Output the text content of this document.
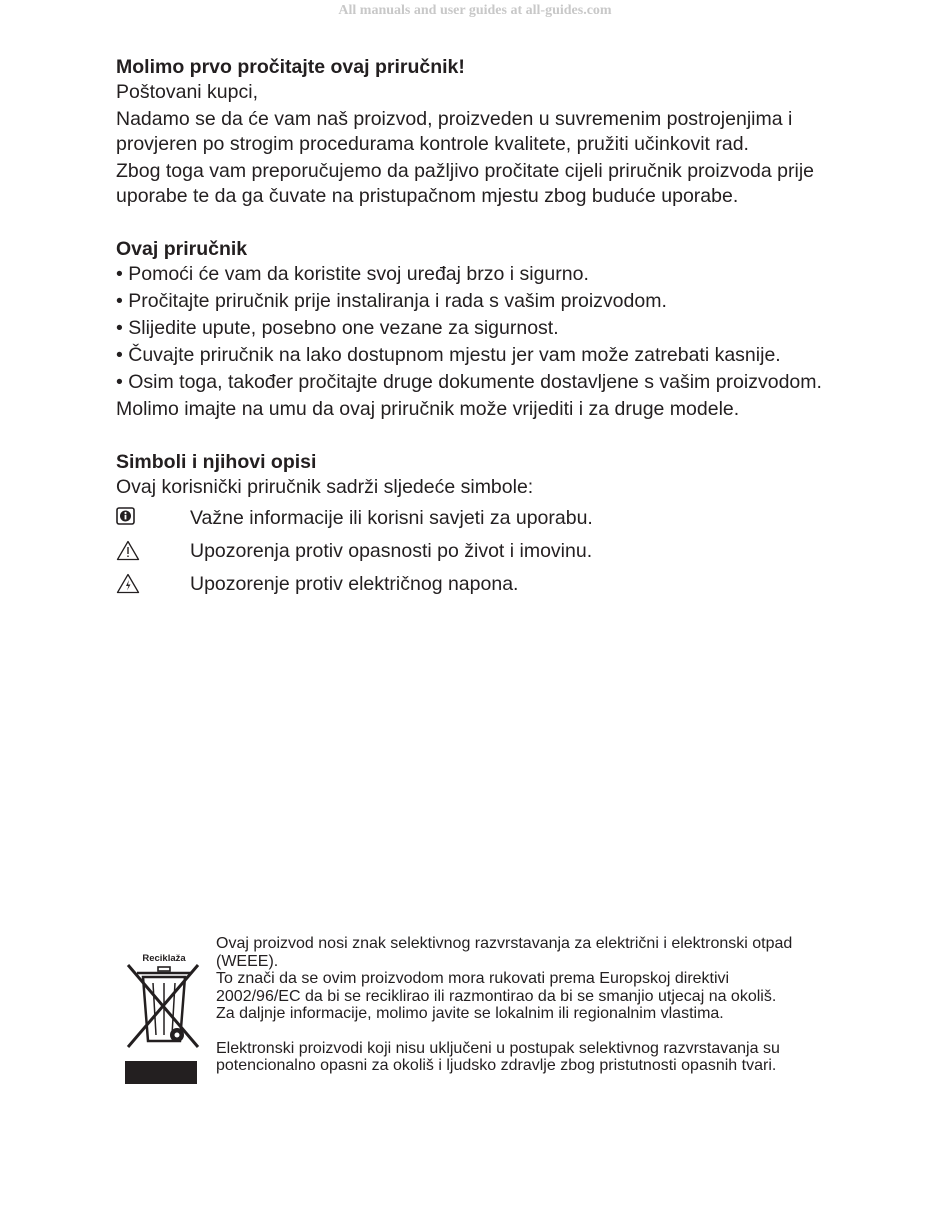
All manuals and user guides at all-guides.com

Molimo prvo pročitajte ovaj priručnik!

Poštovani kupci,

Nadamo se da će vam naš proizvod, proizveden u suvremenim postrojenjima i provjeren po strogim procedurama kontrole kvalitete, pružiti učinkovit rad.

Zbog toga vam preporučujemo da pažljivo pročitate cijeli priručnik proizvoda prije uporabe te da ga čuvate na pristupačnom mjestu zbog buduće uporabe.

Ovaj priručnik

• Pomoći će vam da koristite svoj uređaj brzo i sigurno.

• Pročitajte priručnik prije instaliranja i rada s vašim proizvodom.

• Slijedite upute, posebno one vezane za sigurnost.

• Čuvajte priručnik na lako dostupnom mjestu jer vam može zatrebati kasnije.

• Osim toga, također pročitajte druge dokumente dostavljene s vašim proizvodom.

Molimo imajte na umu da ovaj priručnik može vrijediti i za druge modele.

Simboli i njihovi opisi

Ovaj korisnički priručnik sadrži sljedeće simbole:

Važne informacije ili korisni savjeti za uporabu.
Upozorenja protiv opasnosti po život i imovinu.
Upozorenje protiv električnog napona.
Reciklaža

Ovaj proizvod nosi znak selektivnog razvrstavanja za električni i elektronski otpad (WEEE).

To znači da se ovim proizvodom mora rukovati prema Europskoj direktivi 2002/96/EC da bi se reciklirao ili razmontirao da bi se smanjio utjecaj na okoliš. Za daljnje informacije, molimo javite se lokalnim ili regionalnim vlastima.

Elektronski proizvodi koji nisu uključeni u postupak selektivnog razvrstavanja su potencionalno opasni za okoliš i ljudsko zdravlje zbog pristutnosti opasnih tvari.
